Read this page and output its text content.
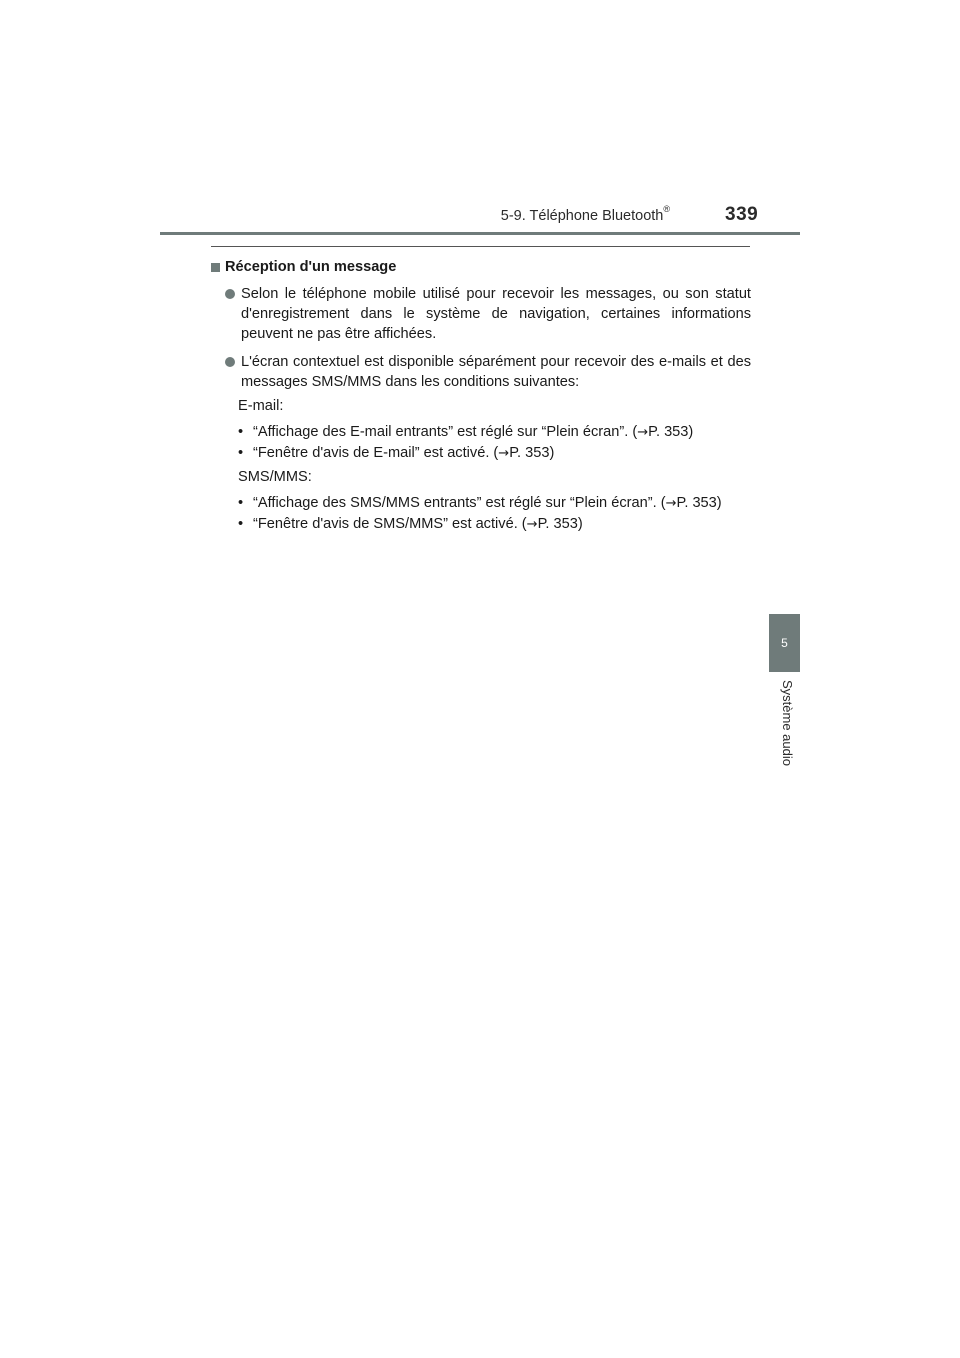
5-9. Téléphone Bluetooth®	339
5
Système audio
Réception d'un message
Selon le téléphone mobile utilisé pour recevoir les messages, ou son statut d'enregistrement dans le système de navigation, certaines informations peuvent ne pas être affichées.
L'écran contextuel est disponible séparément pour recevoir des e-mails et des messages SMS/MMS dans les conditions suivantes:
E-mail:
• “Affichage des E-mail entrants” est réglé sur “Plein écran”. (→P. 353)
• “Fenêtre d'avis de E-mail” est activé. (→P. 353)
SMS/MMS:
• “Affichage des SMS/MMS entrants” est réglé sur “Plein écran”. (→P. 353)
• “Fenêtre d'avis de SMS/MMS” est activé. (→P. 353)
